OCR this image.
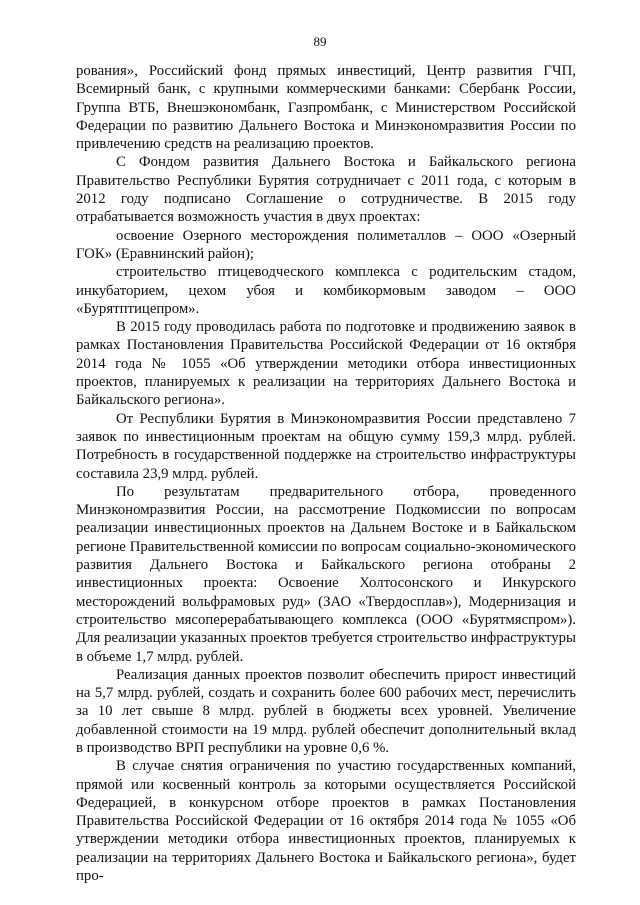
89

рования», Российский фонд прямых инвестиций, Центр развития ГЧП, Всемирный банк, с крупными коммерческими банками: Сбербанк России, Группа ВТБ, Внешэкономбанк, Газпромбанк, с Министерством Российской Федерации по развитию Дальнего Востока и Минэкономразвития России по привлечению средств на реализацию проектов.

С Фондом развития Дальнего Востока и Байкальского региона Правительство Республики Бурятия сотрудничает с 2011 года, с которым в 2012 году подписано Соглашение о сотрудничестве. В 2015 году отрабатывается возможность участия в двух проектах:

освоение Озерного месторождения полиметаллов – ООО «Озерный ГОК» (Еравнинский район);

строительство птицеводческого комплекса с родительским стадом, инкубаторием, цехом убоя и комбикормовым заводом – ООО «Бурятптицепром».

В 2015 году проводилась работа по подготовке и продвижению заявок в рамках Постановления Правительства Российской Федерации от 16 октября 2014 года № 1055 «Об утверждении методики отбора инвестиционных проектов, планируемых к реализации на территориях Дальнего Востока и Байкальского региона».

От Республики Бурятия в Минэкономразвития России представлено 7 заявок по инвестиционным проектам на общую сумму 159,3 млрд. рублей. Потребность в государственной поддержке на строительство инфраструктуры составила 23,9 млрд. рублей.

По результатам предварительного отбора, проведенного Минэкономразвития России, на рассмотрение Подкомиссии по вопросам реализации инвестиционных проектов на Дальнем Востоке и в Байкальском регионе Правительственной комиссии по вопросам социально-экономического развития Дальнего Востока и Байкальского региона отобраны 2 инвестиционных проекта: Освоение Холтосонского и Инкурского месторождений вольфрамовых руд» (ЗАО «Твердосплав»), Модернизация и строительство мясоперерабатывающего комплекса (ООО «Бурятмяспром»). Для реализации указанных проектов требуется строительство инфраструктуры в объеме 1,7 млрд. рублей.

Реализация данных проектов позволит обеспечить прирост инвестиций на 5,7 млрд. рублей, создать и сохранить более 600 рабочих мест, перечислить за 10 лет свыше 8 млрд. рублей в бюджеты всех уровней. Увеличение добавленной стоимости на 19 млрд. рублей обеспечит дополнительный вклад в производство ВРП республики на уровне 0,6 %.

В случае снятия ограничения по участию государственных компаний, прямой или косвенный контроль за которыми осуществляется Российской Федерацией, в конкурсном отборе проектов в рамках Постановления Правительства Российской Федерации от 16 октября 2014 года № 1055 «Об утверждении методики отбора инвестиционных проектов, планируемых к реализации на территориях Дальнего Востока и Байкальского региона», будет про-
